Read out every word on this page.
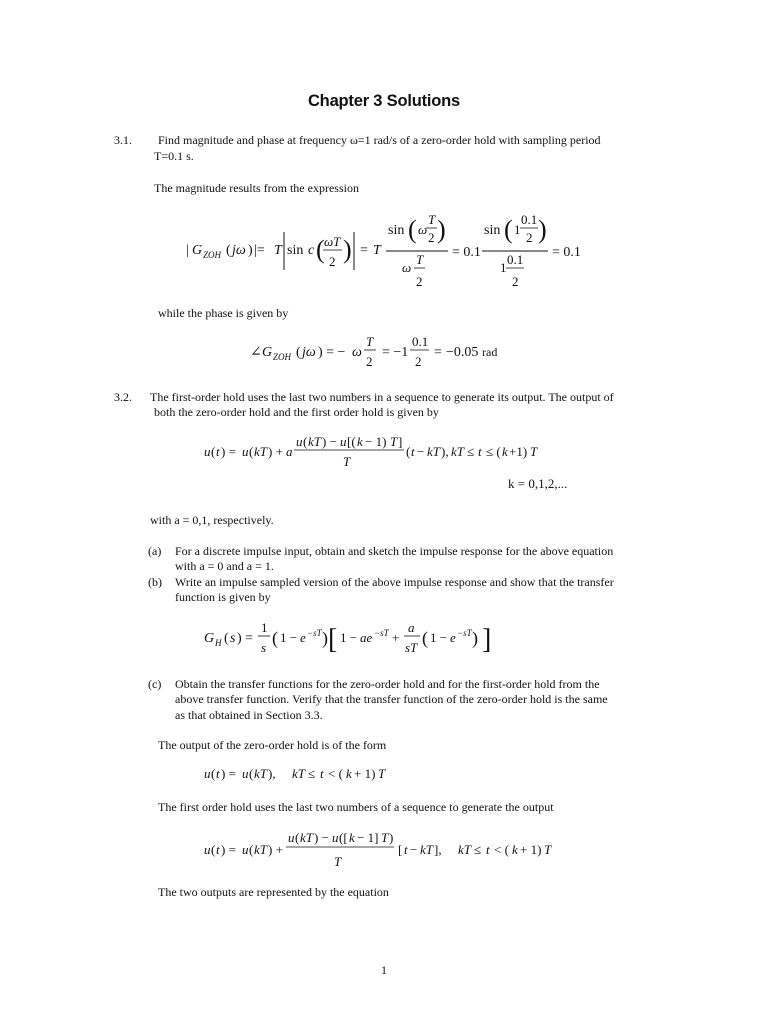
Chapter 3 Solutions
3.1. Find magnitude and phase at frequency ω=1 rad/s of a zero-order hold with sampling period
T=0.1 s.
The magnitude results from the expression
| G ZOH ( jω ) |= T sin c ( ωT
2 ) = T
sin ( ω
T
2 )
ω
T
2
= 0.1
sin ( 1
0.1
2 )
1
0.1
2
= 0.1
while the phase is given by
∠ G ZOH ( jω ) = − ω
T
2
= −1
0.1
2
= −0.05 rad
3.2. The first-order hold uses the last two numbers in a sequence to generate its output. The output of
both the zero-order hold and the first order hold is given by
u ( t ) = u ( kT ) + a
u ( kT ) − u [( k − 1) T ]
T
( t − kT ), kT ≤ t ≤ ( k +1) T
k = 0,1,2,...
with a = 0,1, respectively.
(a) For a discrete impulse input, obtain and sketch the impulse response for the above equation
with a = 0 and a = 1.
(b) Write an impulse sampled version of the above impulse response and show that the transfer
function is given by
G H ( s ) =
1
s ( 1 − e −sT ) [ 1 − ae −sT +
a
sT ( 1 − e −sT ) ]
(c) Obtain the transfer functions for the zero-order hold and for the first-order hold from the
above transfer function. Verify that the transfer function of the zero-order hold is the same
as that obtained in Section 3.3.
The output of the zero-order hold is of the form
u ( t ) = u ( kT ), kT ≤ t < ( k + 1) T
The first order hold uses the last two numbers of a sequence to generate the output
u ( t ) = u ( kT ) +
u ( kT ) − u ([ k − 1] T )
T
[ t − kT ], kT ≤ t < ( k + 1) T
The two outputs are represented by the equation
1
